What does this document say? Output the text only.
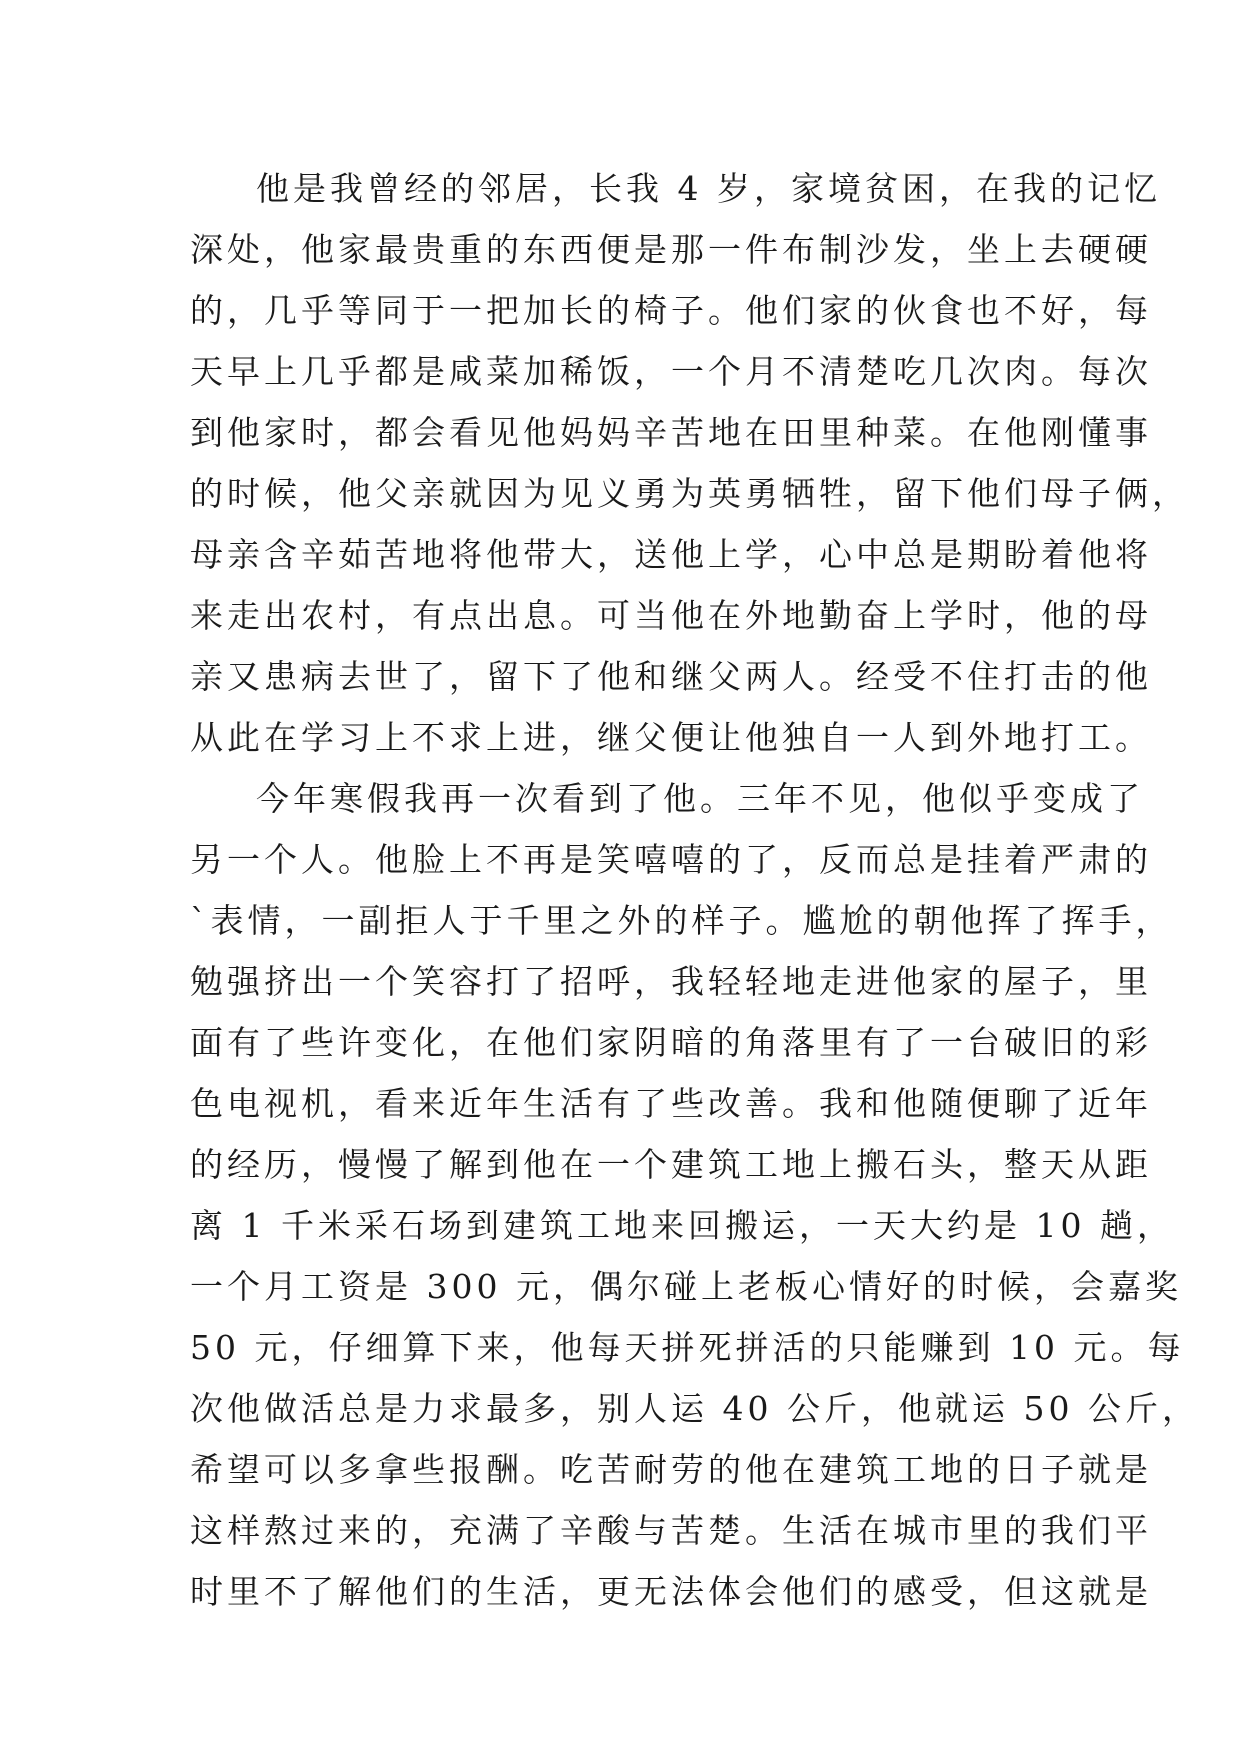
他是我曾经的邻居，长我 4 岁，家境贫困，在我的记忆
深处，他家最贵重的东西便是那一件布制沙发，坐上去硬硬
的，几乎等同于一把加长的椅子。他们家的伙食也不好，每
天早上几乎都是咸菜加稀饭，一个月不清楚吃几次肉。每次
到他家时，都会看见他妈妈辛苦地在田里种菜。在他刚懂事
的时候，他父亲就因为见义勇为英勇牺牲，留下他们母子俩，
母亲含辛茹苦地将他带大，送他上学，心中总是期盼着他将
来走出农村，有点出息。可当他在外地勤奋上学时，他的母
亲又患病去世了，留下了他和继父两人。经受不住打击的他
从此在学习上不求上进，继父便让他独自一人到外地打工。
今年寒假我再一次看到了他。三年不见，他似乎变成了
另一个人。他脸上不再是笑嘻嘻的了，反而总是挂着严肃的
`表情，一副拒人于千里之外的样子。尴尬的朝他挥了挥手，
勉强挤出一个笑容打了招呼，我轻轻地走进他家的屋子，里
面有了些许变化，在他们家阴暗的角落里有了一台破旧的彩
色电视机，看来近年生活有了些改善。我和他随便聊了近年
的经历，慢慢了解到他在一个建筑工地上搬石头，整天从距
离 1 千米采石场到建筑工地来回搬运，一天大约是 10 趟，
一个月工资是 300 元，偶尔碰上老板心情好的时候，会嘉奖
50 元，仔细算下来，他每天拼死拼活的只能赚到 10 元。每
次他做活总是力求最多，别人运 40 公斤，他就运 50 公斤，
希望可以多拿些报酬。吃苦耐劳的他在建筑工地的日子就是
这样熬过来的，充满了辛酸与苦楚。生活在城市里的我们平
时里不了解他们的生活，更无法体会他们的感受，但这就是
